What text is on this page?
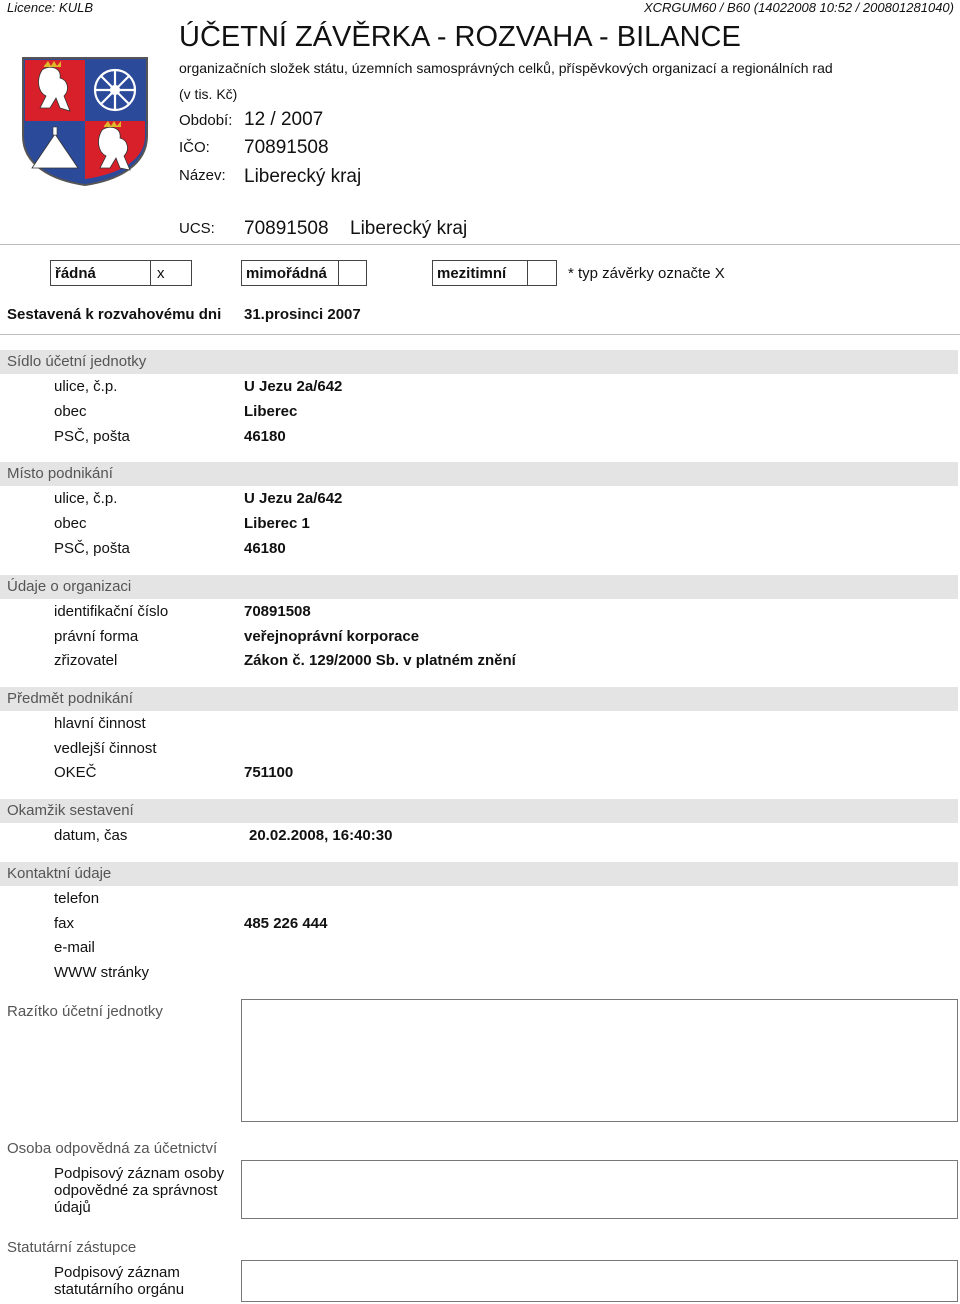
Licence: KULB	XCRGUM60 / B60 (14022008 10:52 / 200801281040)
ÚČETNÍ ZÁVĚRKA - ROZVAHA - BILANCE
organizačních složek státu, územních samosprávných celků, příspěvkových organizací a regionálních rad
(v tis. Kč)
Období: 12 / 2007
IČO: 70891508
Název: Liberecký kraj
UCS: 70891508 Liberecký kraj
řádná	x	mimořádná	mezitimní	* typ závěrky označte X
Sestavená k rozvahovému dni 31.prosinci 2007
Sídlo účetní jednotky
ulice, č.p.	U Jezu 2a/642
obec	Liberec
PSČ, pošta	46180
Místo podnikání
ulice, č.p.	U Jezu 2a/642
obec	Liberec 1
PSČ, pošta	46180
Údaje o organizaci
identifikační číslo	70891508
právní forma	veřejnoprávní korporace
zřizovatel	Zákon č. 129/2000 Sb. v platném znění
Předmět podnikání
hlavní činnost
vedlejší činnost
OKEČ	751100
Okamžik sestavení
datum, čas	20.02.2008, 16:40:30
Kontaktní údaje
telefon
fax	485 226 444
e-mail
WWW stránky
Razítko účetní jednotky
Osoba odpovědná za účetnictví
Podpisový záznam osoby odpovědné za správnost údajů
Statutární zástupce
Podpisový záznam statutárního orgánu
